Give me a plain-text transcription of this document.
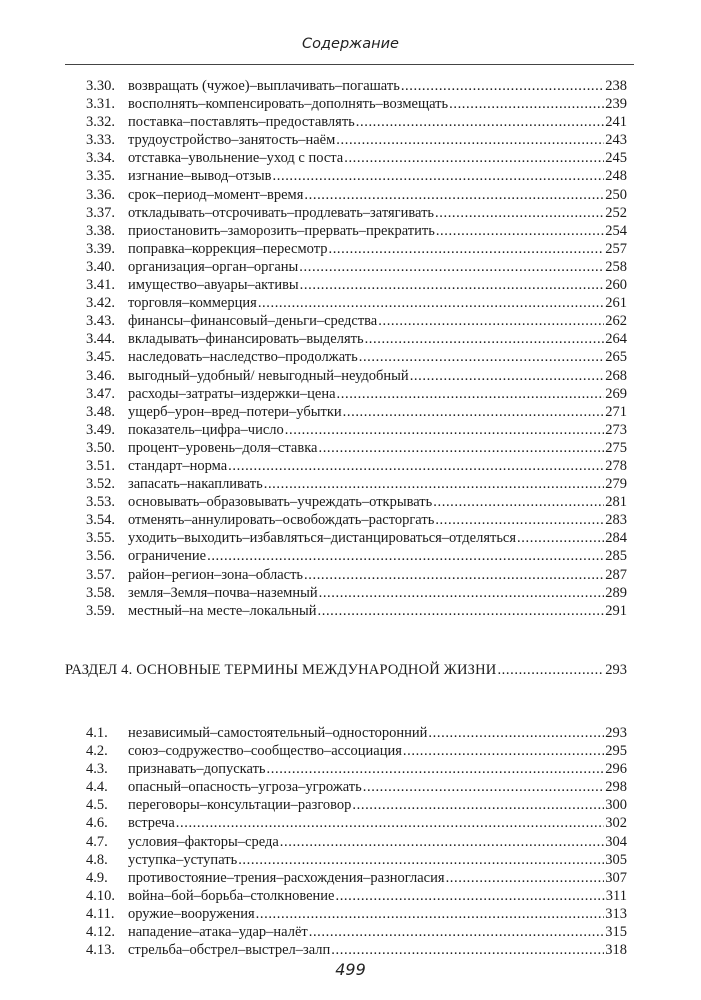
Содержание
3.30. возвращать (чужое)–выплачивать–погашать .....	238
3.31. восполнять–компенсировать–дополнять–возмещать .....	239
3.32. поставка–поставлять–предоставлять .....	241
3.33. трудоустройство–занятость–наём .....	243
3.34. отставка–увольнение–уход с поста .....	245
3.35. изгнание–вывод–отзыв .....	248
3.36. срок–период–момент–время .....	250
3.37. откладывать–отсрочивать–продлевать–затягивать .....	252
3.38. приостановить–заморозить–прервать–прекратить .....	254
3.39. поправка–коррекция–пересмотр .....	257
3.40. организация–орган–органы .....	258
3.41. имущество–авуары–активы .....	260
3.42. торговля–коммерция .....	261
3.43. финансы–финансовый–деньги–средства .....	262
3.44. вкладывать–финансировать–выделять .....	264
3.45. наследовать–наследство–продолжать .....	265
3.46. выгодный–удобный/ невыгодный–неудобный .....	268
3.47. расходы–затраты–издержки–цена .....	269
3.48. ущерб–урон–вред–потери–убытки .....	271
3.49. показатель–цифра–число .....	273
3.50. процент–уровень–доля–ставка .....	275
3.51. стандарт–норма .....	278
3.52. запасать–накапливать .....	279
3.53. основывать–образовывать–учреждать–открывать .....	281
3.54. отменять–аннулировать–освобождать–расторгать .....	283
3.55. уходить–выходить–избавляться–дистанцироваться–отделяться .....	284
3.56. ограничение .....	285
3.57. район–регион–зона–область .....	287
3.58. земля–Земля–почва–наземный .....	289
3.59. местный–на месте–локальный .....	291
РАЗДЕЛ 4. ОСНОВНЫЕ ТЕРМИНЫ МЕЖДУНАРОДНОЙ ЖИЗНИ .....	293
4.1.	независимый–самостоятельный–односторонний .....	293
4.2.	союз–содружество–сообщество–ассоциация .....	295
4.3.	признавать–допускать .....	296
4.4.	опасный–опасность–угроза–угрожать .....	298
4.5.	переговоры–консультации–разговор .....	300
4.6.	встреча .....	302
4.7.	условия–факторы–среда .....	304
4.8.	уступка–уступать .....	305
4.9.	противостояние–трения–расхождения–разногласия .....	307
4.10. война–бой–борьба–столкновение .....	311
4.11. оружие–вооружения .....	313
4.12. нападение–атака–удар–налёт .....	315
4.13. стрельба–обстрел–выстрел–залп .....	318
499
